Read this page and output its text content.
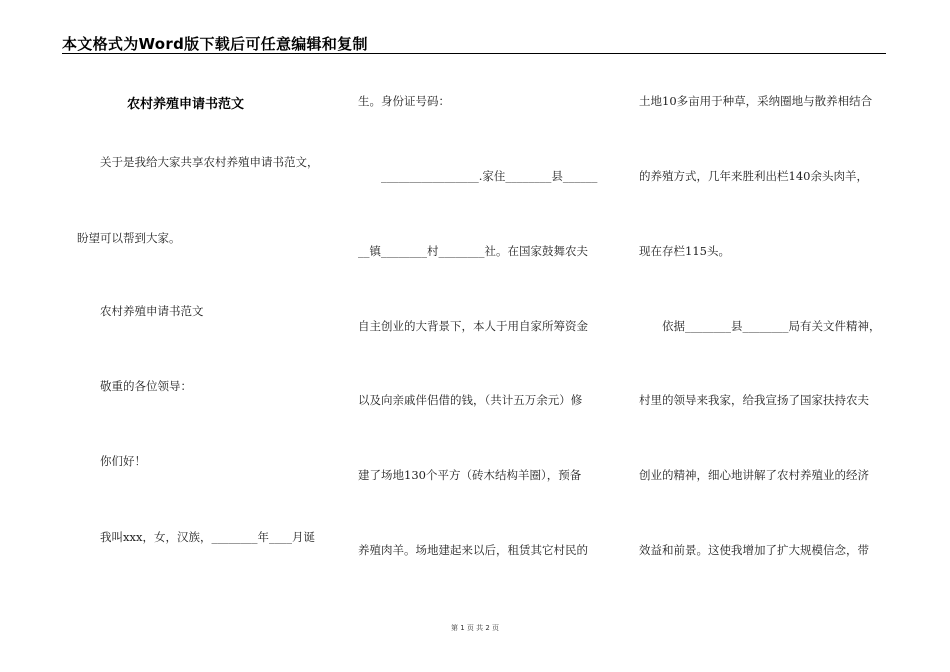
本文格式为Word版下载后可任意编辑和复制
农村养殖申请书范文
关于是我给大家共享农村养殖申请书范文，
盼望可以帮到大家。
农村养殖申请书范文
敬重的各位领导：
你们好！
我叫xxx，女，汉族，________年____月诞
生。身份证号码：
_________________.家住________县______
__镇________村________社。在国家鼓舞农夫
自主创业的大背景下，本人于用自家所筹资金
以及向亲戚伴侣借的钱，（共计五万余元）修
建了场地130个平方（砖木结构羊圈），预备
养殖肉羊。场地建起来以后，租赁其它村民的
土地10多亩用于种草，采纳圈地与散养相结合
的养殖方式，几年来胜利出栏140余头肉羊，
现在存栏115头。
依据________县________局有关文件精神，
村里的领导来我家，给我宣扬了国家扶持农夫
创业的精神，细心地讲解了农村养殖业的经济
效益和前景。这使我增加了扩大规模信念，带
第 1 页 共 2 页
